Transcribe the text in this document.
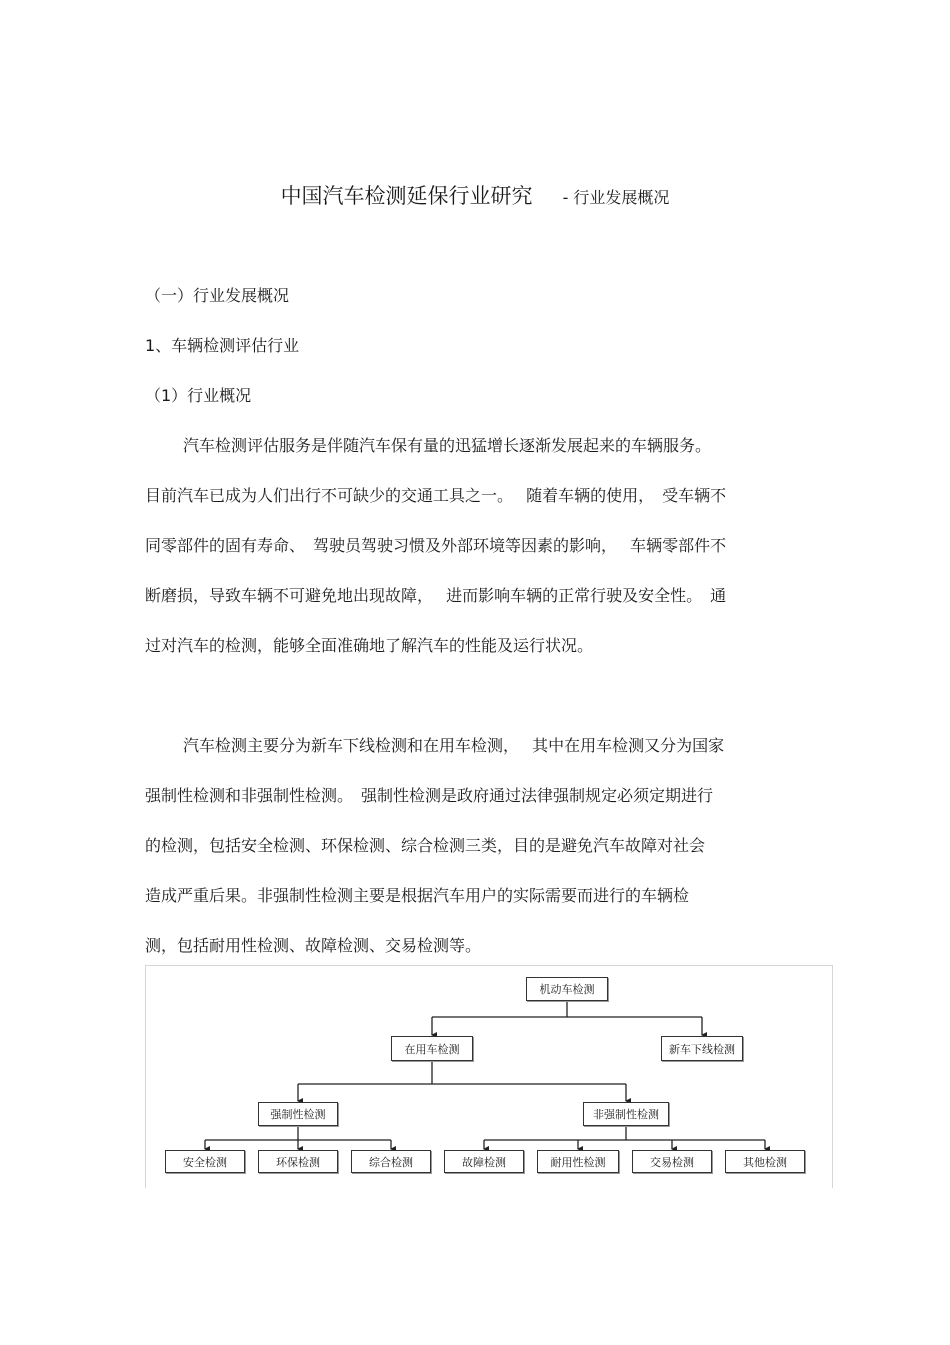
中国汽车检测延保行业研究 - 行业发展概况
（一）行业发展概况
1、车辆检测评估行业
（1）行业概况
汽车检测评估服务是伴随汽车保有量的迅猛增长逐渐发展起来的车辆服务。
目前汽车已成为人们出行不可缺少的交通工具之一。　 随着车辆的使用，　受车辆不
同零部件的固有寿命、　驾驶员驾驶习惯及外部环境等因素的影响，　 车辆零部件不
断磨损，导致车辆不可避免地出现故障，　 进而影响车辆的正常行驶及安全性。　通
过对汽车的检测，能够全面准确地了解汽车的性能及运行状况。
汽车检测主要分为新车下线检测和在用车检测，　 其中在用车检测又分为国家
强制性检测和非强制性检测。　强制性检测是政府通过法律强制规定必须定期进行
的检测，包括安全检测、环保检测、综合检测三类，目的是避免汽车故障对社会
造成严重后果。非强制性检测主要是根据汽车用户的实际需要而进行的车辆检
测，包括耐用性检测、故障检测、交易检测等。
机动车检测
在用车检测	新车下线检测
强制性检测	非强制性检测
安全检测	环保检测	综合检测	故障检测	耐用性检测	交易检测	其他检测
